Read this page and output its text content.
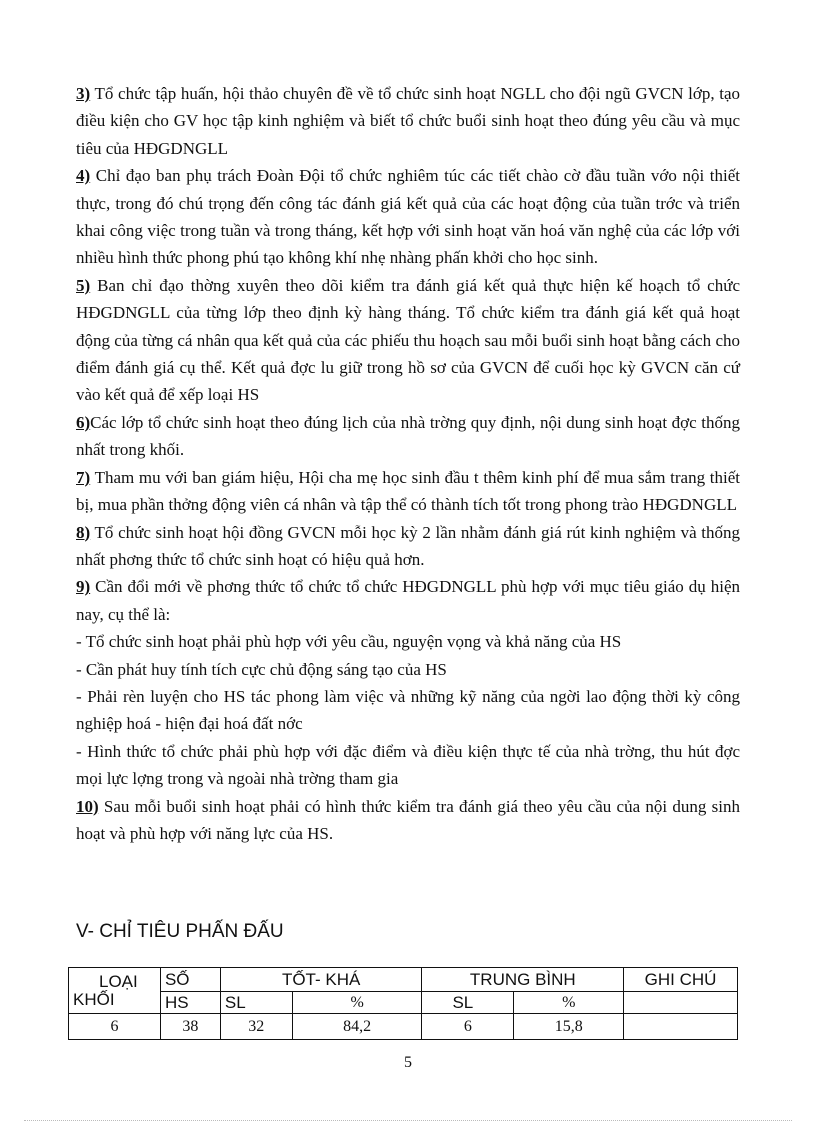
3) Tổ chức tập huấn, hội thảo chuyên đề về tổ chức sinh hoạt NGLL cho đội ngũ GVCN lớp, tạo điều kiện cho GV học tập kinh nghiệm và biết tổ chức buổi sinh hoạt theo đúng yêu cầu và mục tiêu của HĐGDNGLL

4) Chỉ đạo ban phụ trách Đoàn Đội tổ chức nghiêm túc các tiết chào cờ đầu tuần vớo nội thiết thực, trong đó chú trọng đến công tác đánh giá kết quả của các hoạt động của tuần trớc và triển khai công việc trong tuần và trong tháng, kết hợp với sinh hoạt văn hoá văn nghệ của các lớp với nhiều hình thức phong phú tạo không khí nhẹ nhàng phấn khởi cho học sinh.

5) Ban chỉ đạo thờng xuyên theo dõi kiểm tra đánh giá kết quả thực hiện kế hoạch tổ chức HĐGDNGLL của từng lớp theo định kỳ hàng tháng. Tổ chức kiểm tra đánh giá kết quả hoạt động của từng cá nhân qua kết quả của các phiếu thu hoạch sau mỗi buổi sinh hoạt bằng cách cho điểm đánh giá cụ thể. Kết quả đợc lu giữ trong hồ sơ của GVCN để cuối học kỳ GVCN căn cứ vào kết quả để xếp loại HS

6)Các lớp tổ chức sinh hoạt theo đúng lịch của nhà trờng quy định, nội dung sinh hoạt đợc thống nhất trong khối.

7) Tham mu với ban giám hiệu, Hội cha mẹ học sinh đầu t thêm kinh phí để mua sắm trang thiết bị, mua phần thởng động viên cá nhân và tập thể có thành tích tốt trong phong trào HĐGDNGLL

8) Tổ chức sinh hoạt hội đồng GVCN mỗi học kỳ 2 lần nhằm đánh giá rút kinh nghiệm và thống nhất phơng thức tổ chức sinh hoạt có hiệu quả hơn.

9) Cần đổi mới về phơng thức tổ chức tổ chức HĐGDNGLL phù hợp với mục tiêu giáo dụ hiện nay, cụ thể là:

- Tổ chức sinh hoạt phải phù hợp với yêu cầu, nguyện vọng và khả năng của HS

- Cần phát huy tính tích cực chủ động sáng tạo của HS

- Phải rèn luyện cho HS tác phong làm việc và những kỹ năng của ngời lao động thời kỳ công nghiệp hoá - hiện đại hoá đất nớc

- Hình thức tổ chức phải phù hợp với đặc điểm và điều kiện thực tế của nhà trờng, thu hút đợc mọi lực lợng trong và ngoài nhà trờng tham gia

10) Sau mỗi buổi sinh hoạt phải có hình thức kiểm tra đánh giá theo yêu cầu của nội dung sinh hoạt và phù hợp với năng lực của HS.

V- CHỈ TIÊU PHẤN ĐẤU
LOẠI
KHỐI	SỐ	TỐT- KHÁ		TRUNG BÌNH		GHI CHÚ
	HS	SL	%	SL	%	
6	38	32	84,2	6	15,8	
5
